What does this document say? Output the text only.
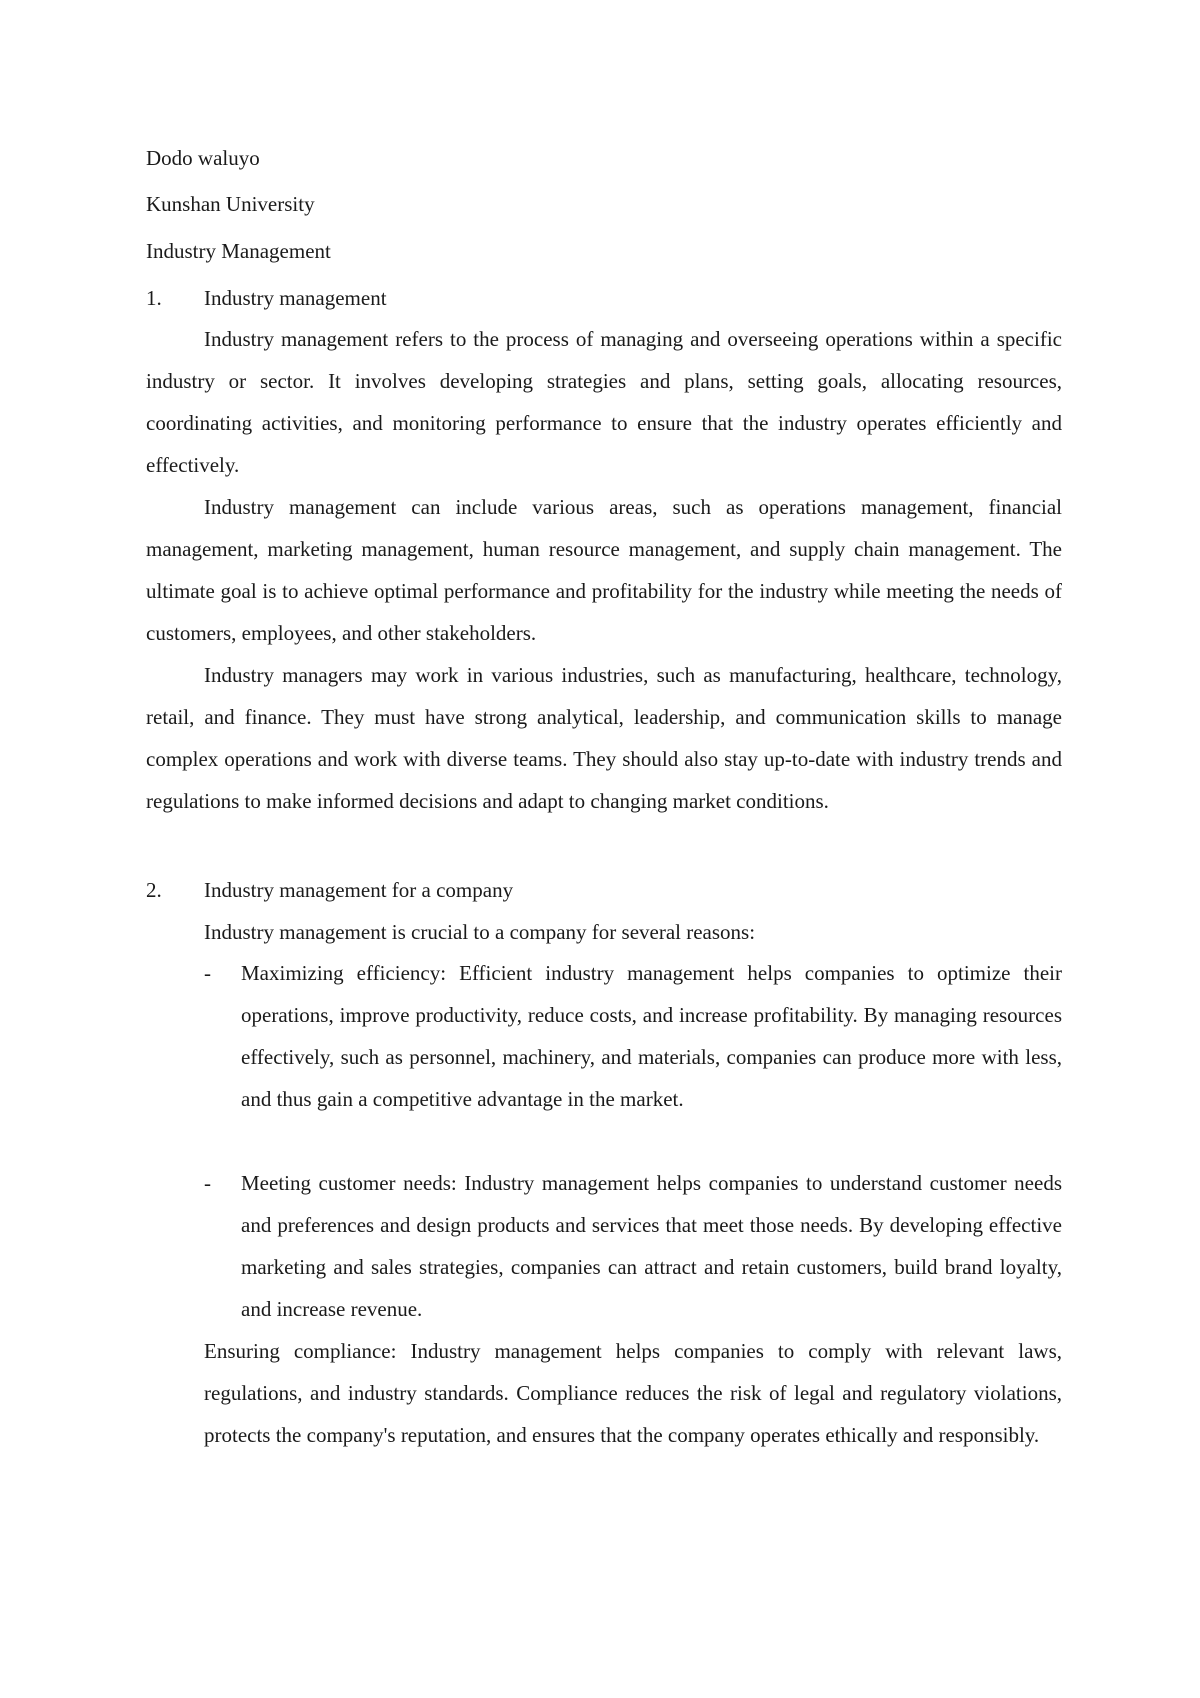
Dodo waluyo
Kunshan University
Industry Management
1. Industry management
Industry management refers to the process of managing and overseeing operations within a specific industry or sector. It involves developing strategies and plans, setting goals, allocating resources, coordinating activities, and monitoring performance to ensure that the industry operates efficiently and effectively.
Industry management can include various areas, such as operations management, financial management, marketing management, human resource management, and supply chain management. The ultimate goal is to achieve optimal performance and profitability for the industry while meeting the needs of customers, employees, and other stakeholders.
Industry managers may work in various industries, such as manufacturing, healthcare, technology, retail, and finance. They must have strong analytical, leadership, and communication skills to manage complex operations and work with diverse teams. They should also stay up-to-date with industry trends and regulations to make informed decisions and adapt to changing market conditions.
2. Industry management for a company
Industry management is crucial to a company for several reasons:
- Maximizing efficiency: Efficient industry management helps companies to optimize their operations, improve productivity, reduce costs, and increase profitability. By managing resources effectively, such as personnel, machinery, and materials, companies can produce more with less, and thus gain a competitive advantage in the market.
- Meeting customer needs: Industry management helps companies to understand customer needs and preferences and design products and services that meet those needs. By developing effective marketing and sales strategies, companies can attract and retain customers, build brand loyalty, and increase revenue.
Ensuring compliance: Industry management helps companies to comply with relevant laws, regulations, and industry standards. Compliance reduces the risk of legal and regulatory violations, protects the company's reputation, and ensures that the company operates ethically and responsibly.
